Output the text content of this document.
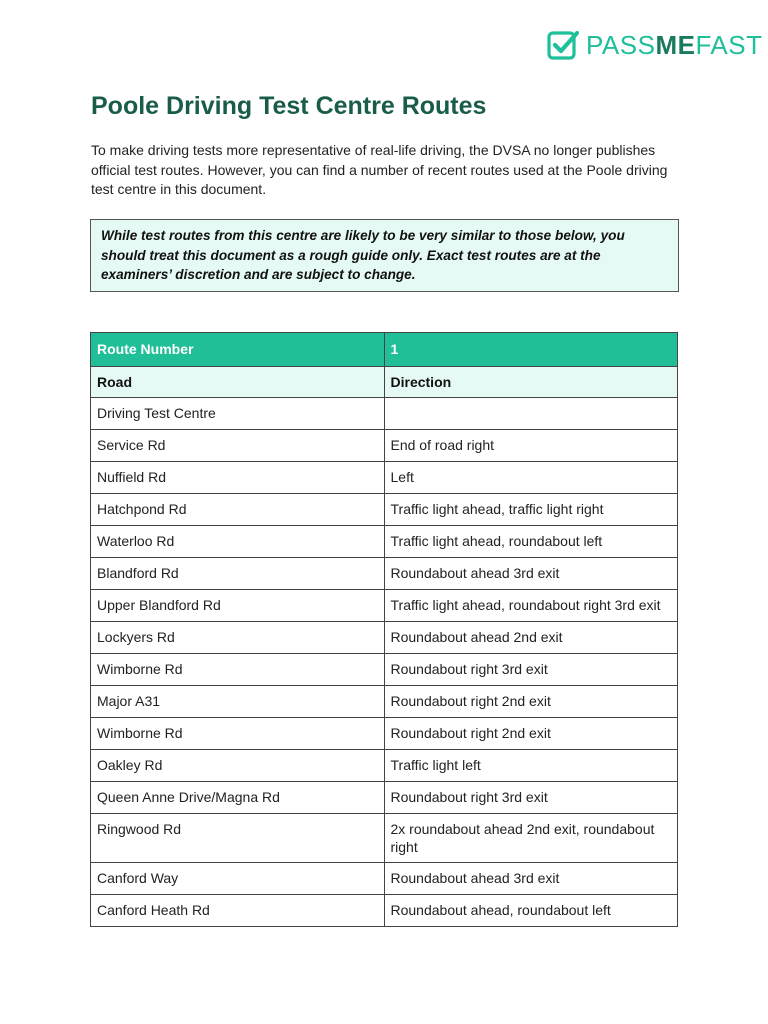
PASSMEFAST
Poole Driving Test Centre Routes

To make driving tests more representative of real-life driving, the DVSA no longer publishes official test routes. However, you can find a number of recent routes used at the Poole driving test centre in this document.

While test routes from this centre are likely to be very similar to those below, you should treat this document as a rough guide only. Exact test routes are at the examiners’ discretion and are subject to change.
Route Number	1
Road	Direction
Driving Test Centre	
Service Rd	End of road right
Nuffield Rd	Left
Hatchpond Rd	Traffic light ahead, traffic light right
Waterloo Rd	Traffic light ahead, roundabout left
Blandford Rd	Roundabout ahead 3rd exit
Upper Blandford Rd	Traffic light ahead, roundabout right 3rd exit
Lockyers Rd	Roundabout ahead 2nd exit
Wimborne Rd	Roundabout right 3rd exit
Major A31	Roundabout right 2nd exit
Wimborne Rd	Roundabout right 2nd exit
Oakley Rd	Traffic light left
Queen Anne Drive/Magna Rd	Roundabout right 3rd exit
Ringwood Rd	2x roundabout ahead 2nd exit, roundabout right
Canford Way	Roundabout ahead 3rd exit
Canford Heath Rd	Roundabout ahead, roundabout left
